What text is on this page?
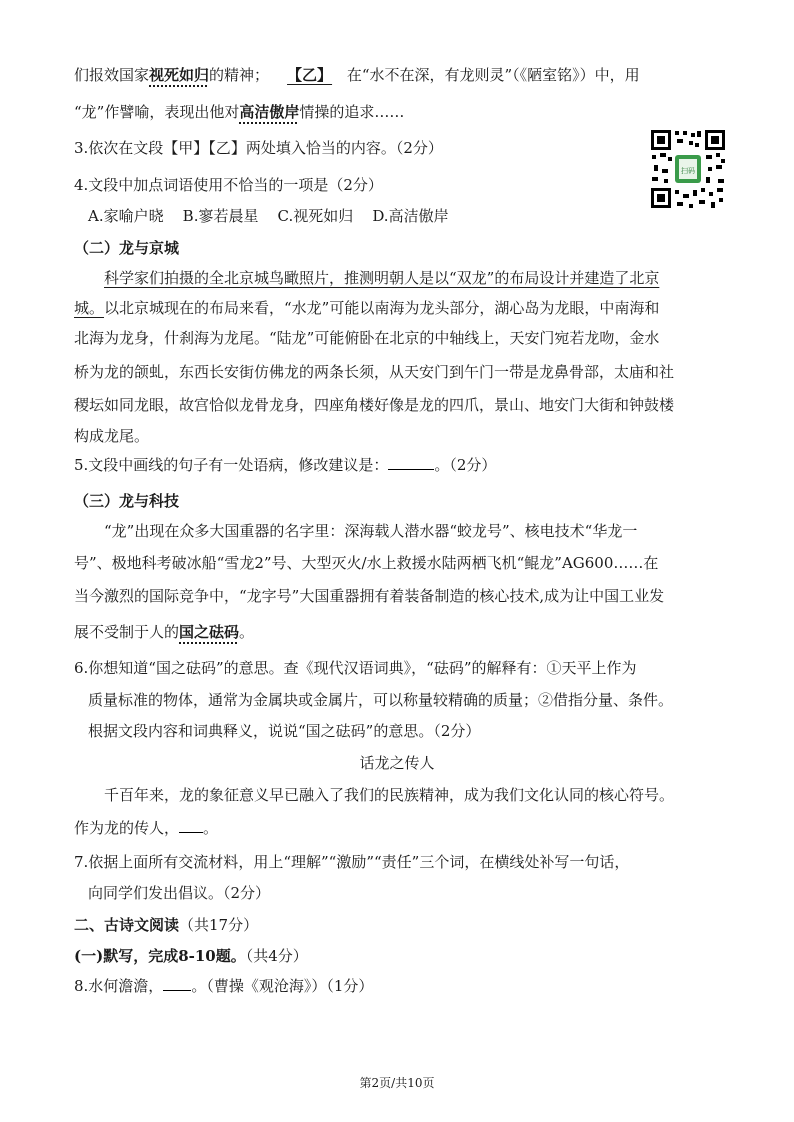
们报效国家视死如归的精神； 【乙】 在“水不在深，有龙则灵”（《陋室铭》）中，用
“龙”作譬喻，表现出他对高洁傲岸情操的追求……
3.依次在文段【甲】【乙】两处填入恰当的内容。（2分）
扫码
4.文段中加点词语使用不恰当的一项是（2分）
A.家喻户晓    B.寥若晨星    C.视死如归    D.高洁傲岸
（二）龙与京城
科学家们拍摄的全北京城鸟瞰照片，推测明朝人是以“双龙”的布局设计并建造了北京
城。以北京城现在的布局来看，“水龙”可能以南海为龙头部分，湖心岛为龙眼，中南海和
北海为龙身，什刹海为龙尾。“陆龙”可能俯卧在北京的中轴线上，天安门宛若龙吻，金水
桥为龙的颌虬，东西长安街仿佛龙的两条长须，从天安门到午门一带是龙鼻骨部，太庙和社
稷坛如同龙眼，故宫恰似龙骨龙身，四座角楼好像是龙的四爪，景山、地安门大街和钟鼓楼
构成龙尾。
5.文段中画线的句子有一处语病，修改建议是：	。（2分）
（三）龙与科技
“龙”出现在众多大国重器的名字里：深海载人潜水器“蛟龙号”、核电技术“华龙一
号”、极地科考破冰船“雪龙2”号、大型灭火/水上救援水陆两栖飞机“鲲龙”AG600……在
当今激烈的国际竞争中，“龙字号”大国重器拥有着装备制造的核心技术,成为让中国工业发
展不受制于人的国之砝码。
6.你想知道“国之砝码”的意思。查《现代汉语词典》，“砝码”的解释有：①天平上作为
质量标准的物体，通常为金属块或金属片，可以称量较精确的质量；②借指分量、条件。
根据文段内容和词典释义，说说“国之砝码”的意思。（2分）
话龙之传人
千百年来，龙的象征意义早已融入了我们的民族精神，成为我们文化认同的核心符号。
作为龙的传人， 。
7.依据上面所有交流材料，用上“理解”“激励”“责任”三个词，在横线处补写一句话，
向同学们发出倡议。（2分）
二、古诗文阅读（共17分）
(一)默写，完成8-10题。（共4分）
8.水何澹澹， 。（曹操《观沧海》）（1分）
第2页/共10页
